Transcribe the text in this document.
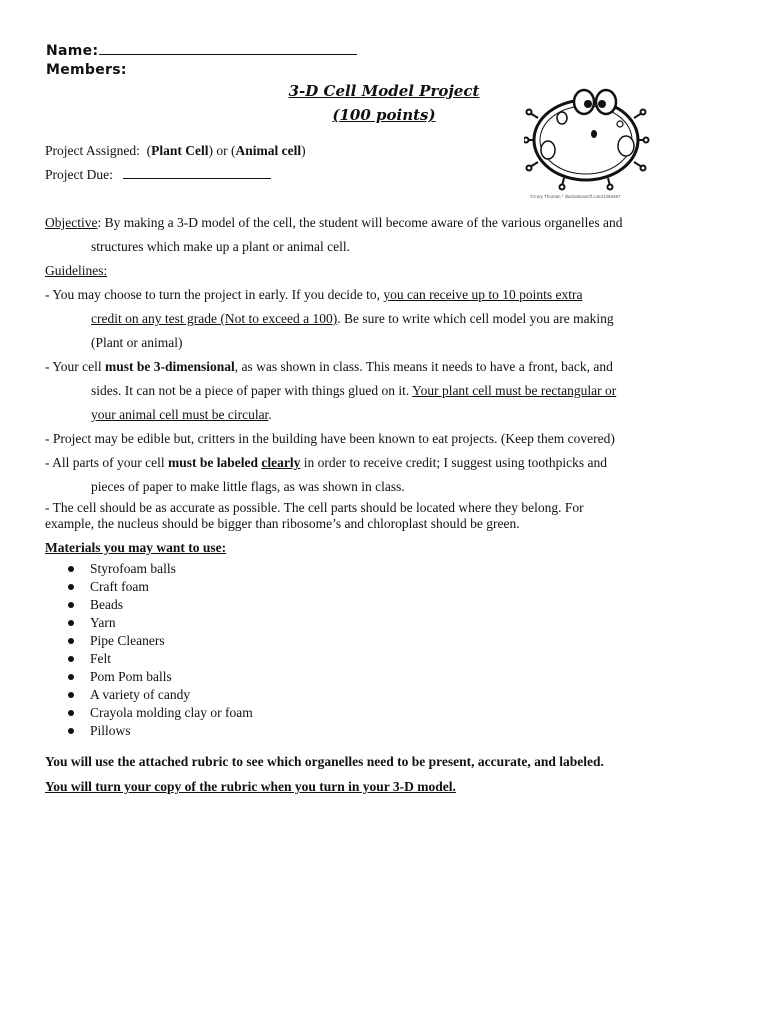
Name:
Members:
3-D Cell Model Project
(100 points)
©Cory Thoman * illustrationsOf.com/1068487
Project Assigned: (Plant Cell) or (Animal cell)
Project Due:
Objective: By making a 3-D model of the cell, the student will become aware of the various organelles and
structures which make up a plant or animal cell.
Guidelines:
- You may choose to turn the project in early. If you decide to, you can receive up to 10 points extra
credit on any test grade (Not to exceed a 100). Be sure to write which cell model you are making
(Plant or animal)
- Your cell must be 3-dimensional, as was shown in class. This means it needs to have a front, back, and
sides. It can not be a piece of paper with things glued on it. Your plant cell must be rectangular or
your animal cell must be circular.
- Project may be edible but, critters in the building have been known to eat projects. (Keep them covered)
- All parts of your cell must be labeled clearly in order to receive credit; I suggest using toothpicks and
pieces of paper to make little flags, as was shown in class.
- The cell should be as accurate as possible. The cell parts should be located where they belong. For
example, the nucleus should be bigger than ribosome’s and chloroplast should be green.
Materials you may want to use:
Styrofoam balls
Craft foam
Beads
Yarn
Pipe Cleaners
Felt
Pom Pom balls
A variety of candy
Crayola molding clay or foam
Pillows
You will use the attached rubric to see which organelles need to be present, accurate, and labeled.
You will turn your copy of the rubric when you turn in your 3-D model.
